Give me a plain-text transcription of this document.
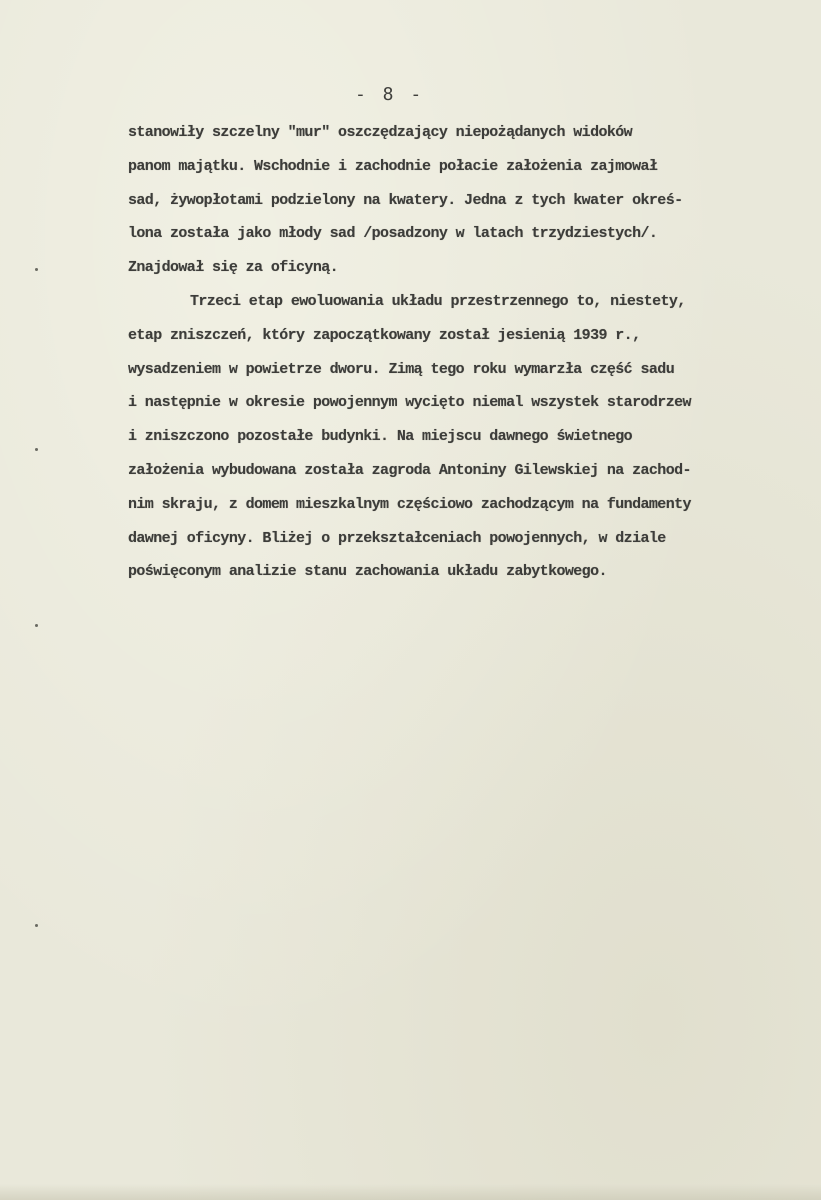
- 8 -
stanowiły szczelny "mur" oszczędzający niepożądanych widoków
panom majątku. Wschodnie i zachodnie połacie założenia zajmował
sad, żywopłotami podzielony na kwatery. Jedna z tych kwater okreś-
lona została jako młody sad /posadzony w latach trzydziestych/.
Znajdował się za oficyną.
Trzeci etap ewoluowania układu przestrzennego to, niestety,
etap zniszczeń, który zapoczątkowany został jesienią 1939 r.,
wysadzeniem w powietrze dworu. Zimą tego roku wymarzła część sadu
i następnie w okresie powojennym wycięto niemal wszystek starodrzew
i zniszczono pozostałe budynki. Na miejscu dawnego świetnego
założenia wybudowana została zagroda Antoniny Gilewskiej na zachod-
nim skraju, z domem mieszkalnym częściowo zachodzącym na fundamenty
dawnej oficyny. Bliżej o przekształceniach powojennych, w dziale
poświęconym analizie stanu zachowania układu zabytkowego.
